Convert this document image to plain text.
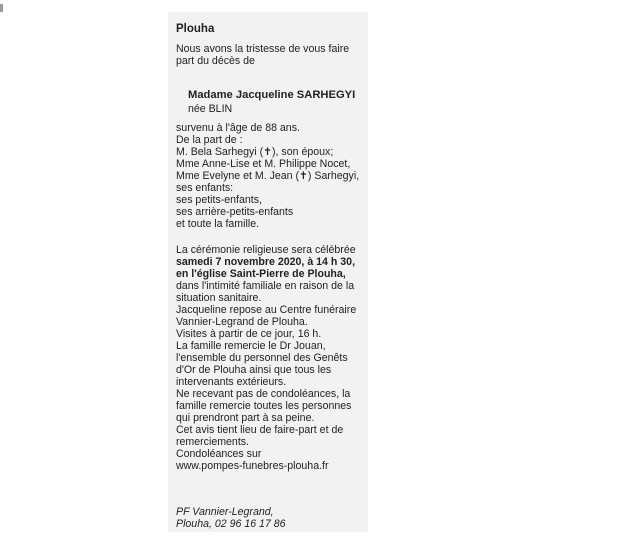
Plouha
Nous avons la tristesse de vous faire
part du décès de
Madame Jacqueline SARHEGYI
née BLIN
survenu à l'âge de 88 ans.
De la part de :
M. Bela Sarhegyi (✝), son époux;
Mme Anne-Lise et M. Philippe Nocet,
Mme Evelyne et M. Jean (✝) Sarhegyi,
ses enfants:
ses petits-enfants,
ses arrière-petits-enfants
et toute la famille.
La cérémonie religieuse sera célébrée
samedi 7 novembre 2020, à 14 h 30,
en l'église Saint-Pierre de Plouha,
dans l'intimité familiale en raison de la
situation sanitaire.
Jacqueline repose au Centre funéraire
Vannier-Legrand de Plouha.
Visites à partir de ce jour, 16 h.
La famille remercie le Dr Jouan,
l'ensemble du personnel des Genêts
d'Or de Plouha ainsi que tous les
intervenants extérieurs.
Ne recevant pas de condoléances, la
famille remercie toutes les personnes
qui prendront part à sa peine.
Cet avis tient lieu de faire-part et de
remerciements.
Condoléances sur
www.pompes-funebres-plouha.fr
PF Vannier-Legrand,
Plouha, 02 96 16 17 86
